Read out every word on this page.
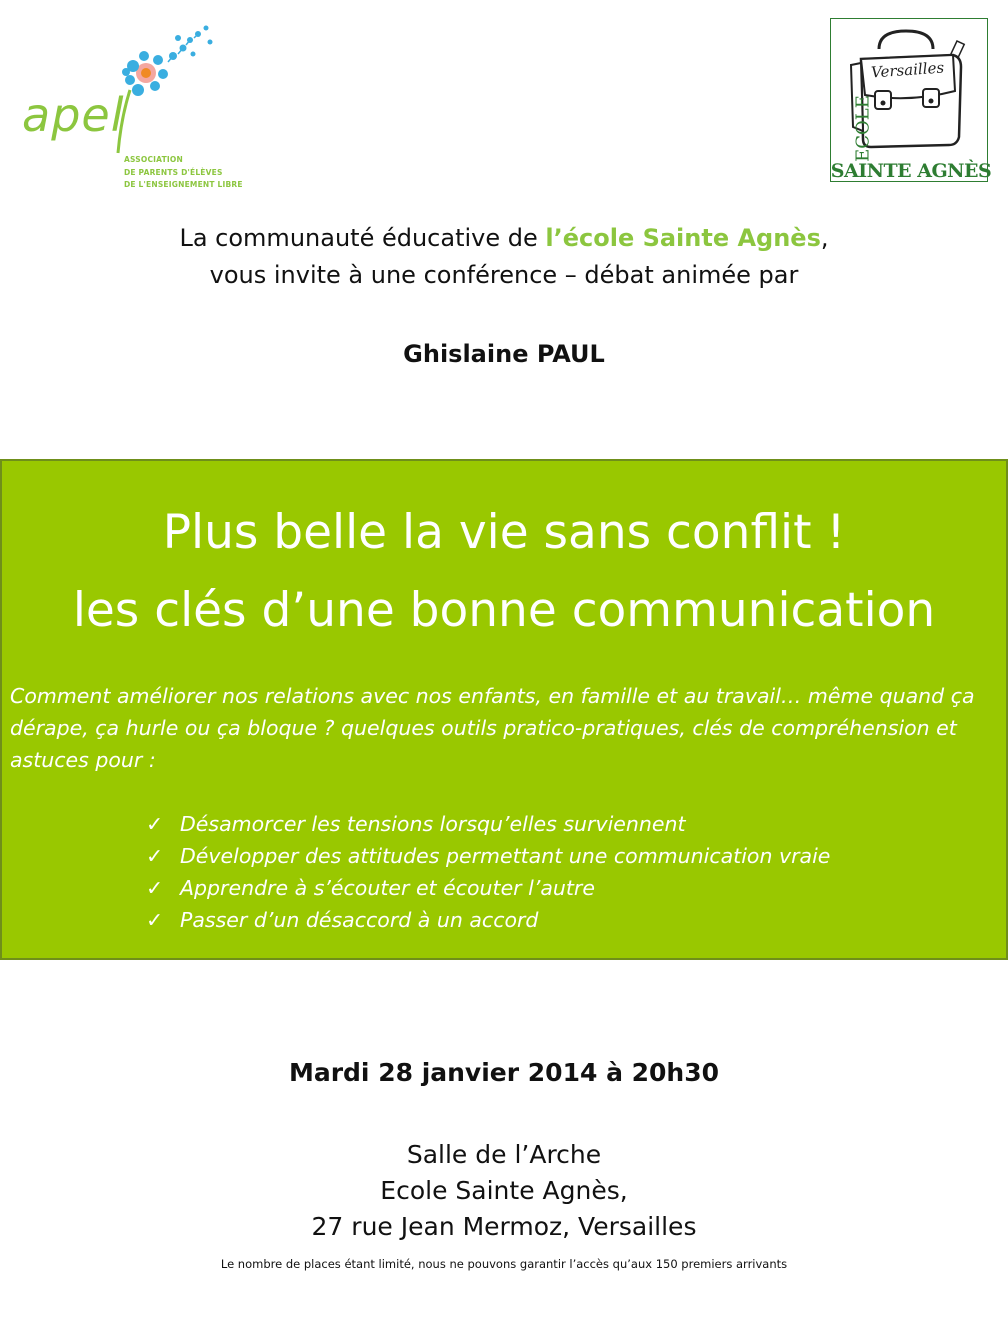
apel
ASSOCIATION
DE PARENTS D'ÉLÈVES
DE L'ENSEIGNEMENT LIBRE
Versailles
ECOLE
SAINTE AGNÈS
La communauté éducative de l’école Sainte Agnès,
vous invite à une conférence – débat animée par
Ghislaine PAUL
Plus belle la vie sans conflit !
les clés d’une bonne communication
Comment améliorer nos relations avec nos enfants, en famille et au travail… même quand ça dérape, ça hurle ou ça bloque ? quelques outils pratico-pratiques, clés de compréhension et astuces pour :
✓ Désamorcer les tensions lorsqu’elles surviennent
✓ Développer des attitudes permettant une communication vraie
✓ Apprendre à s’écouter et écouter l’autre
✓ Passer d’un désaccord à un accord
Mardi 28 janvier 2014 à 20h30
Salle de l’Arche
Ecole Sainte Agnès,
27 rue Jean Mermoz, Versailles
Le nombre de places étant limité, nous ne pouvons garantir l’accès qu’aux 150 premiers arrivants
